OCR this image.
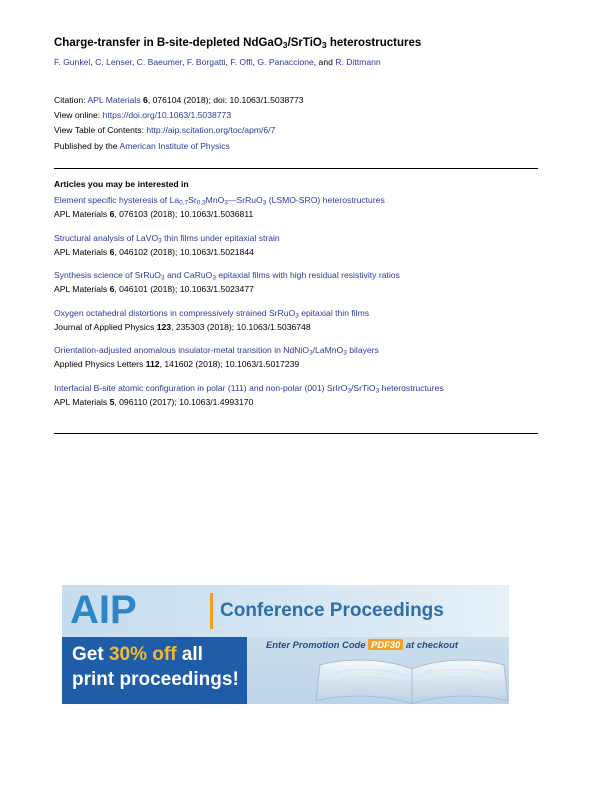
Charge-transfer in B-site-depleted NdGaO$_3$/SrTiO$_3$ heterostructures
F. Gunkel, C. Lenser, C. Baeumer, F. Borgatti, F. Offi, G. Panaccione, and R. Dittmann
Citation: APL Materials 6, 076104 (2018); doi: 10.1063/1.5038773
View online: https://doi.org/10.1063/1.5038773
View Table of Contents: http://aip.scitation.org/toc/apm/6/7
Published by the American Institute of Physics
Articles you may be interested in
Element specific hysteresis of $La_{0.7}Sr_{0.3}MnO_3—SrRuO_3$ (LSMO-SRO) heterostructures
APL Materials 6, 076103 (2018); 10.1063/1.5036811
Structural analysis of LaVO$_3$ thin films under epitaxial strain
APL Materials 6, 046102 (2018); 10.1063/1.5021844
Synthesis science of SrRuO$_3$ and CaRuO$_3$ epitaxial films with high residual resistivity ratios
APL Materials 6, 046101 (2018); 10.1063/1.5023477
Oxygen octahedral distortions in compressively strained SrRuO$_3$ epitaxial thin films
Journal of Applied Physics 123, 235303 (2018); 10.1063/1.5036748
Orientation-adjusted anomalous insulator-metal transition in NdNiO$_3$/LaMnO$_3$ bilayers
Applied Physics Letters 112, 141602 (2018); 10.1063/1.5017239
Interfacial B-site atomic configuration in polar (111) and non-polar (001) SrIrO$_3$/SrTiO$_3$ heterostructures
APL Materials 5, 096110 (2017); 10.1063/1.4993170
AIP	Conference Proceedings
Enter Promotion Code PDF30 at checkout
Get 30% off all
print proceedings!
